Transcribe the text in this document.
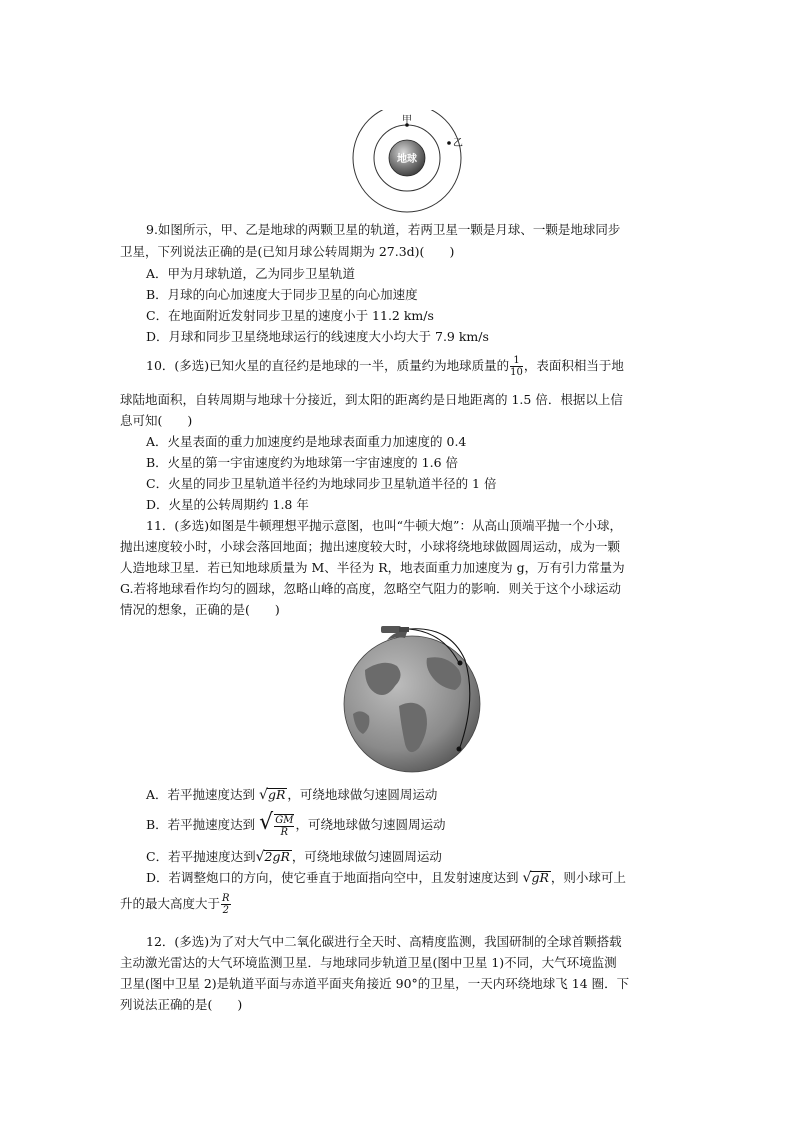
甲
乙
地球
9.如图所示，甲、乙是地球的两颗卫星的轨道，若两卫星一颗是月球、一颗是地球同步
卫星，下列说法正确的是(已知月球公转周期为 27.3d)(　　)
A．甲为月球轨道，乙为同步卫星轨道
B．月球的向心加速度大于同步卫星的向心加速度
C．在地面附近发射同步卫星的速度小于 11.2 km/s
D．月球和同步卫星绕地球运行的线速度大小均大于 7.9 km/s
10．(多选)已知火星的直径约是地球的一半，质量约为地球质量的 $\frac{1}{10}$ ，表面积相当于地
球陆地面积，自转周期与地球十分接近，到太阳的距离约是日地距离的 1.5 倍．根据以上信
息可知(　　)
A．火星表面的重力加速度约是地球表面重力加速度的 0.4
B．火星的第一宇宙速度约为地球第一宇宙速度的 1.6 倍
C．火星的同步卫星轨道半径约为地球同步卫星轨道半径的 1 倍
D．火星的公转周期约 1.8 年
11．(多选)如图是牛顿理想平抛示意图，也叫“牛顿大炮”：从高山顶端平抛一个小球，
抛出速度较小时，小球会落回地面；抛出速度较大时，小球将绕地球做圆周运动，成为一颗
人造地球卫星．若已知地球质量为 M、半径为 R，地表面重力加速度为 g，万有引力常量为
G.若将地球看作均匀的圆球，忽略山峰的高度，忽略空气阻力的影响．则关于这个小球运动
情况的想象，正确的是(　　)
A．若平抛速度达到 √gR ，可绕地球做匀速圆周运动
B．若平抛速度达到 √ $\frac{GM}{R}$ ，可绕地球做匀速圆周运动
C．若平抛速度达到√2gR ，可绕地球做匀速圆周运动
D．若调整炮口的方向，使它垂直于地面指向空中，且发射速度达到 √gR ，则小球可上
升的最大高度大于 $\frac{R}{2}$
12．(多选)为了对大气中二氧化碳进行全天时、高精度监测，我国研制的全球首颗搭载
主动激光雷达的大气环境监测卫星．与地球同步轨道卫星(图中卫星 1)不同，大气环境监测
卫星(图中卫星 2)是轨道平面与赤道平面夹角接近 90°的卫星，一天内环绕地球飞 14 圈．下
列说法正确的是(　　)
